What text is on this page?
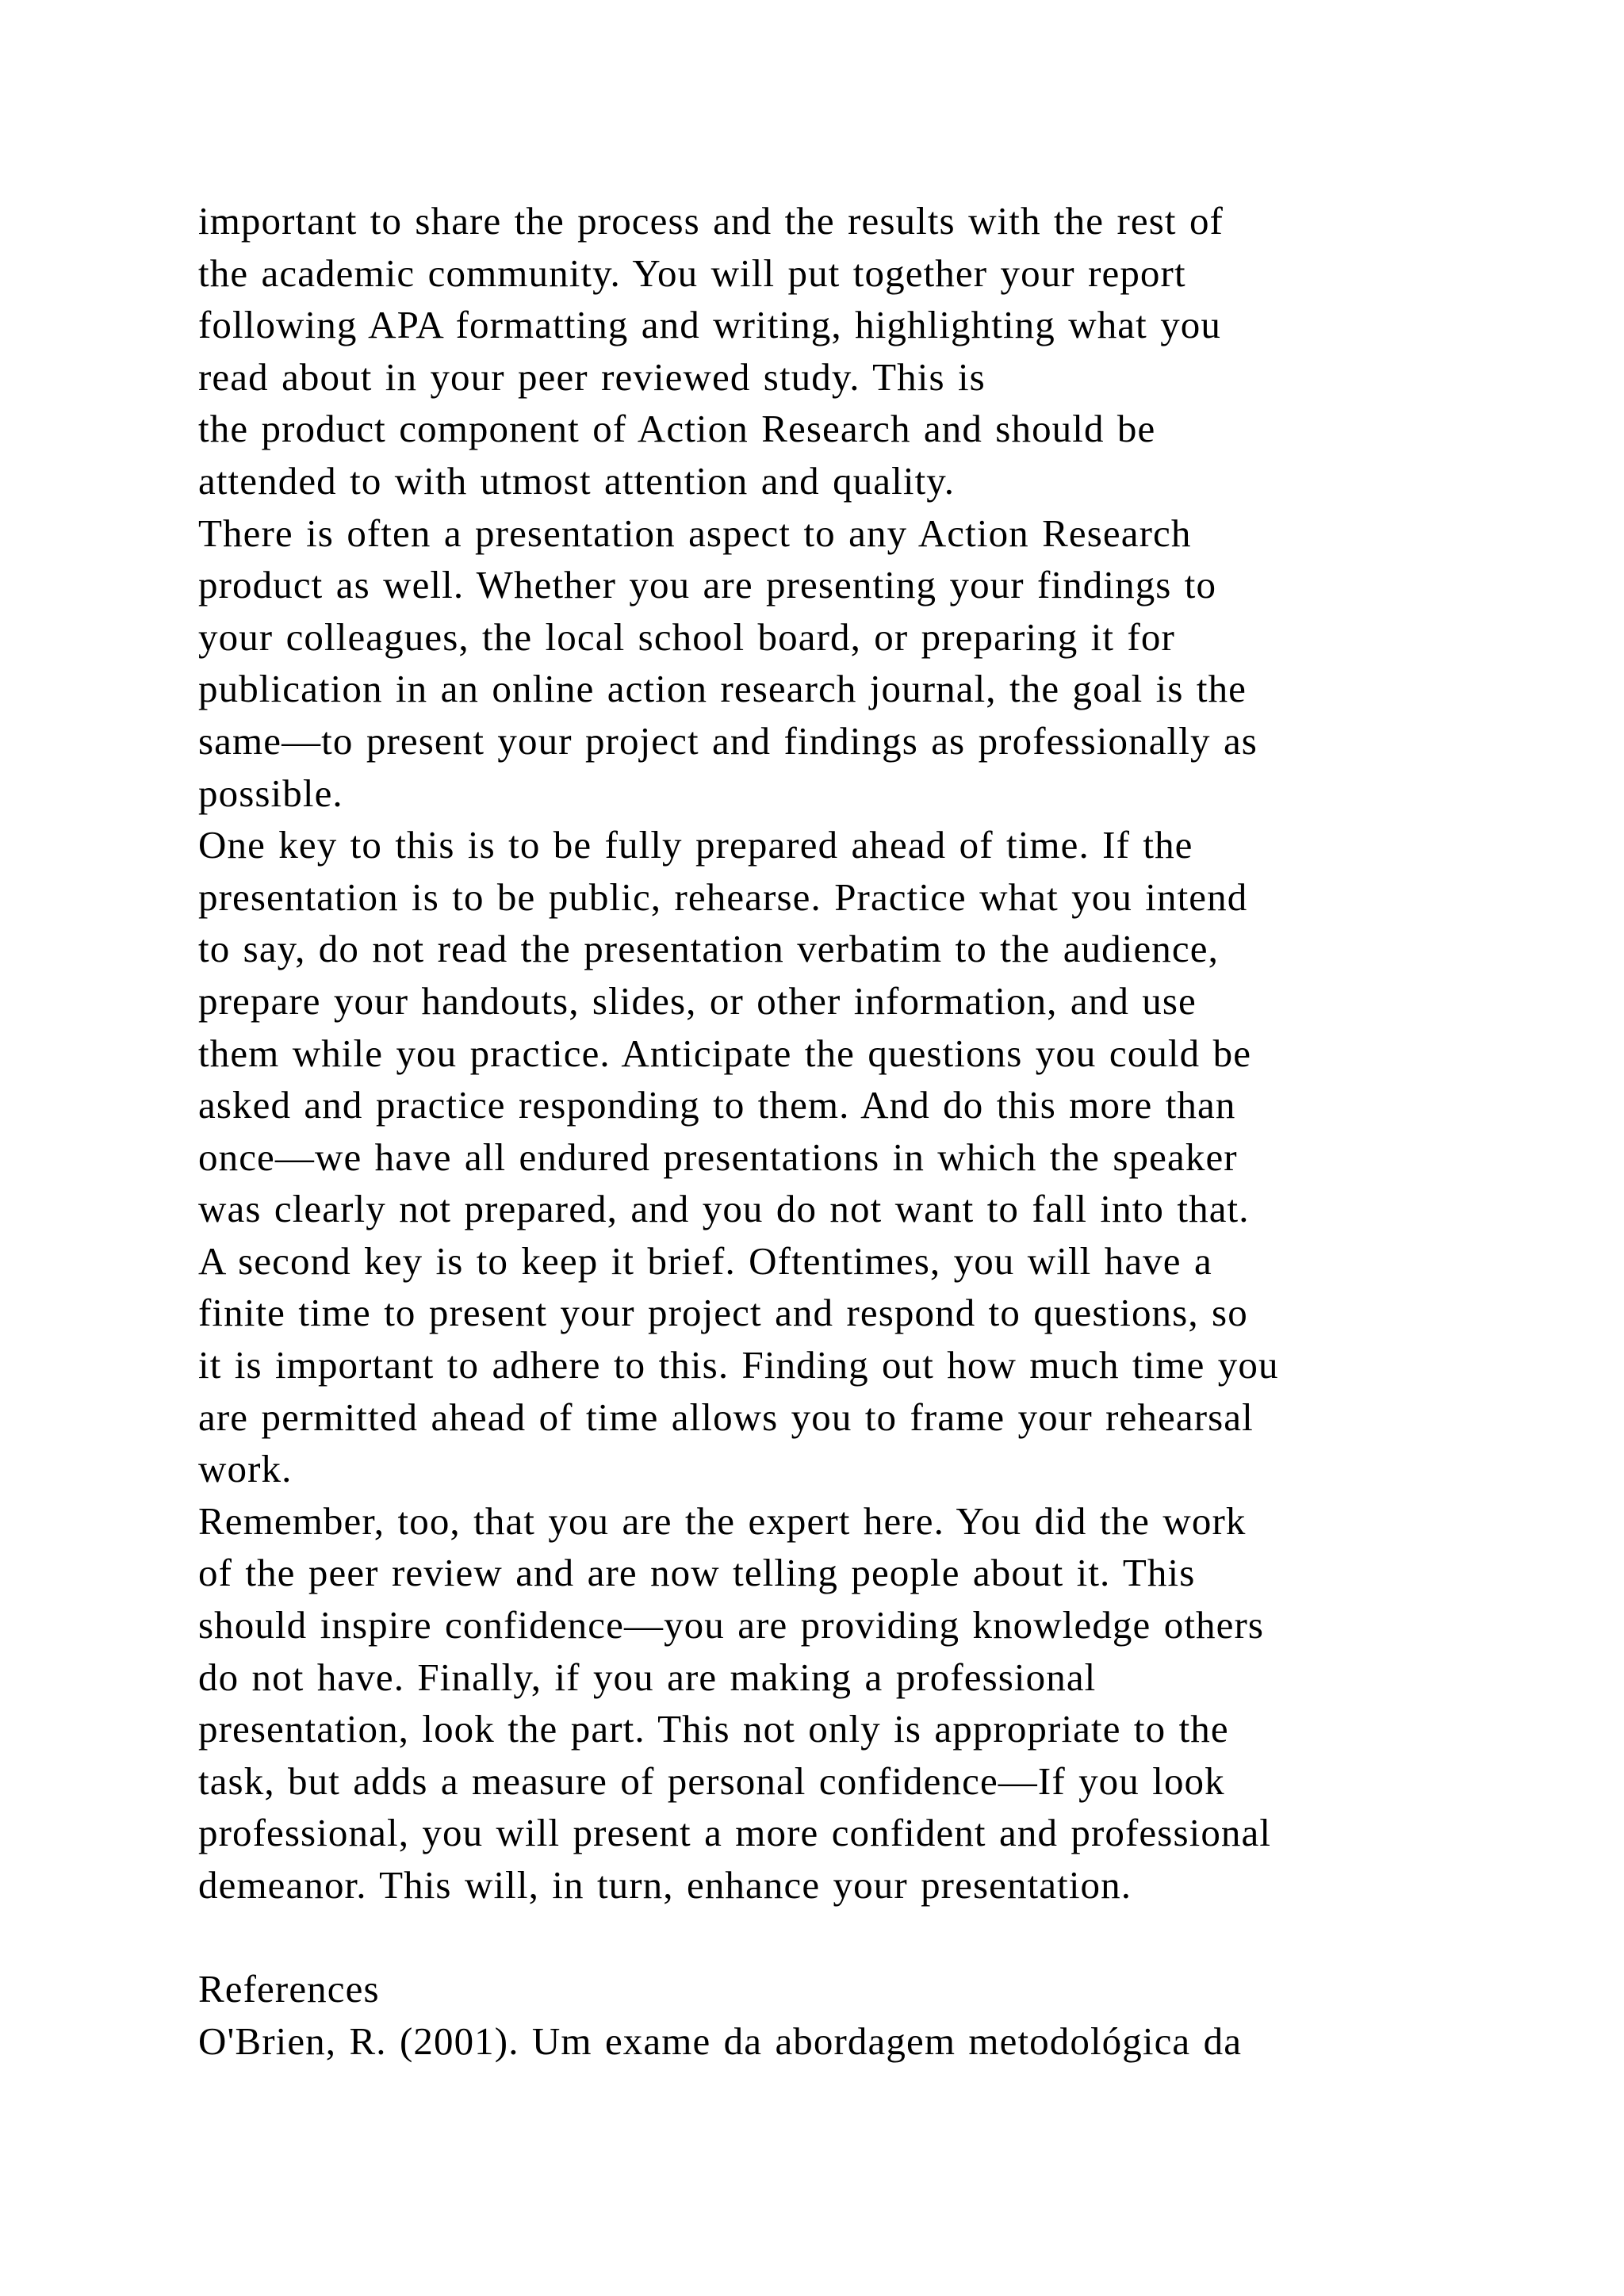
important to share the process and the results with the rest of
the academic community. You will put together your report
following APA formatting and writing, highlighting what you
read about in your peer reviewed study. This is
the product component of Action Research and should be
attended to with utmost attention and quality.
There is often a presentation aspect to any Action Research
product as well. Whether you are presenting your findings to
your colleagues, the local school board, or preparing it for
publication in an online action research journal, the goal is the
same—to present your project and findings as professionally as
possible.
One key to this is to be fully prepared ahead of time. If the
presentation is to be public, rehearse. Practice what you intend
to say, do not read the presentation verbatim to the audience,
prepare your handouts, slides, or other information, and use
them while you practice. Anticipate the questions you could be
asked and practice responding to them. And do this more than
once—we have all endured presentations in which the speaker
was clearly not prepared, and you do not want to fall into that.
A second key is to keep it brief. Oftentimes, you will have a
finite time to present your project and respond to questions, so
it is important to adhere to this. Finding out how much time you
are permitted ahead of time allows you to frame your rehearsal
work.
Remember, too, that you are the expert here. You did the work
of the peer review and are now telling people about it. This
should inspire confidence—you are providing knowledge others
do not have. Finally, if you are making a professional
presentation, look the part. This not only is appropriate to the
task, but adds a measure of personal confidence—If you look
professional, you will present a more confident and professional
demeanor. This will, in turn, enhance your presentation.
References
O'Brien, R. (2001). Um exame da abordagem metodológica da
